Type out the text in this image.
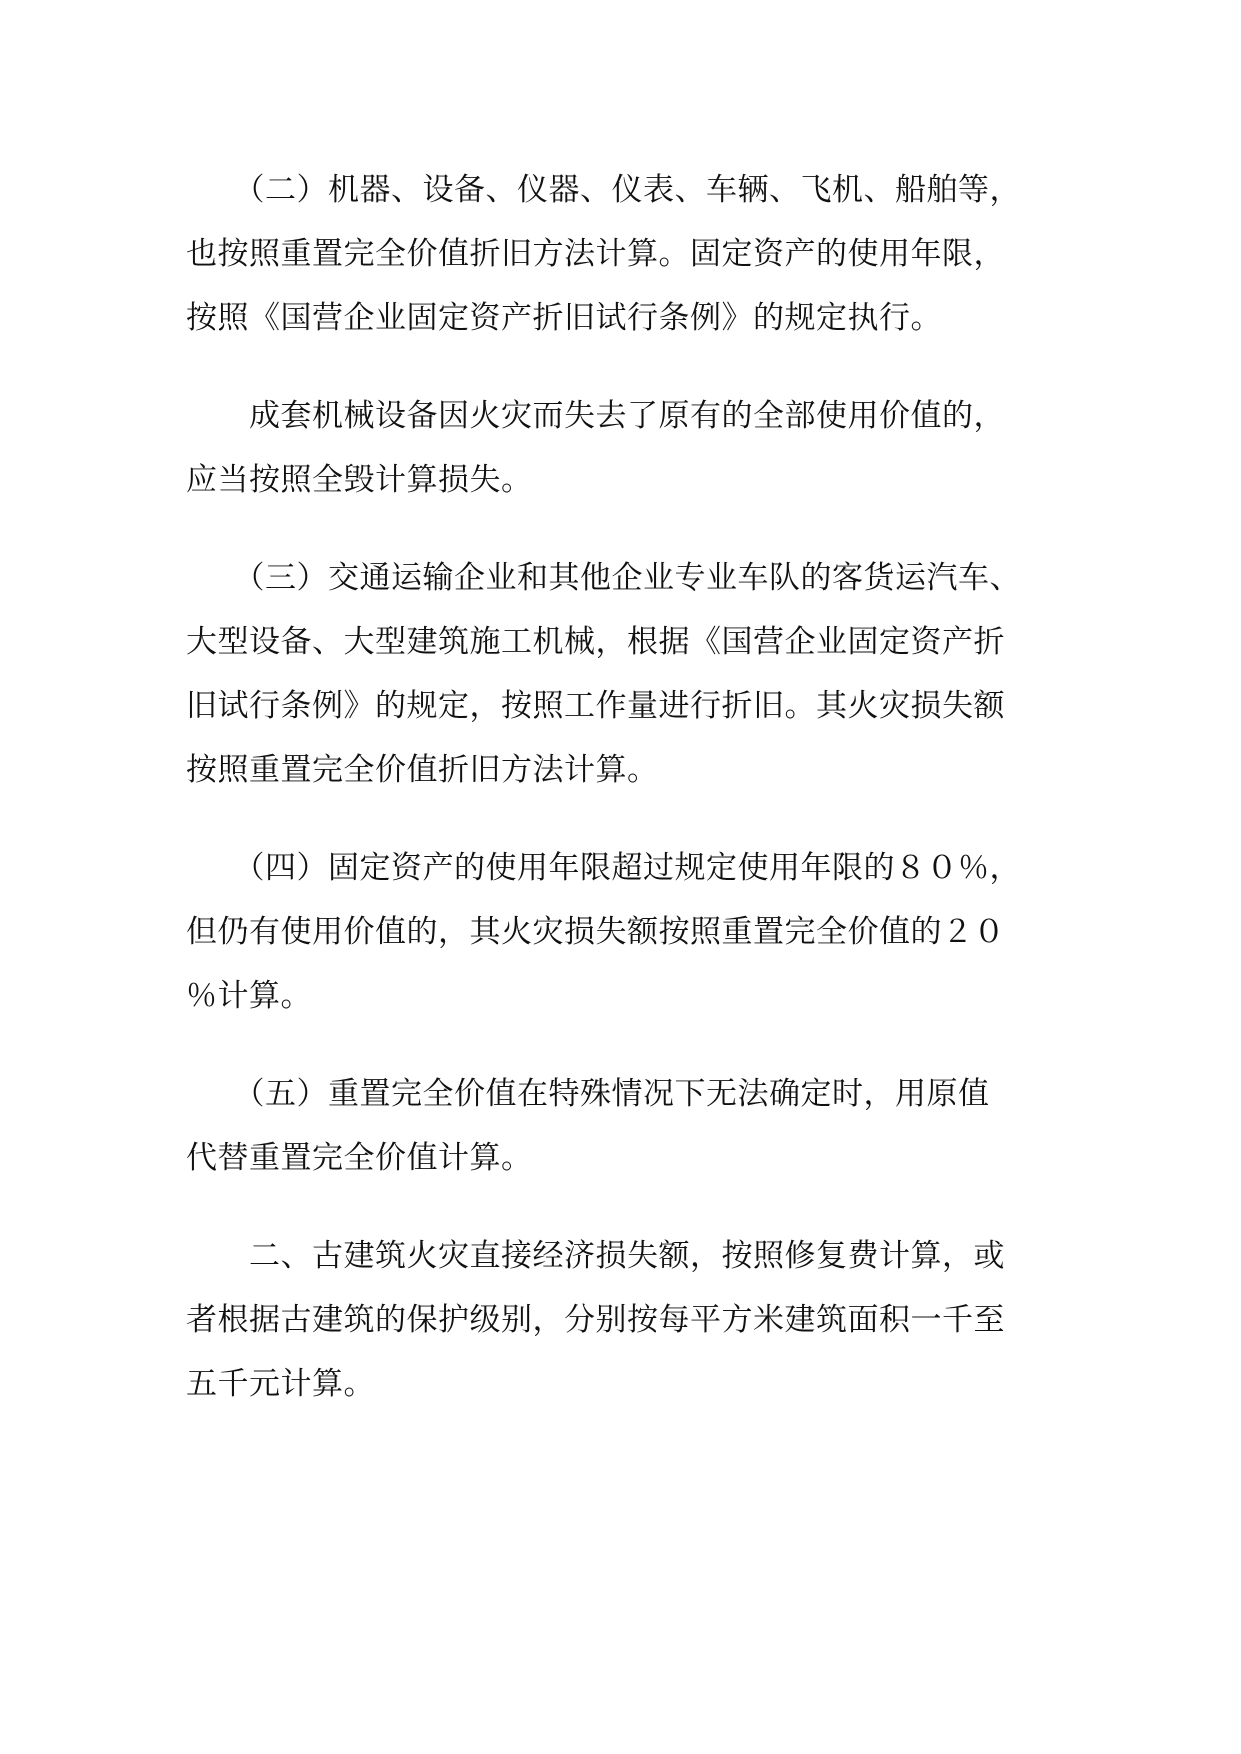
　　（二）机器、设备、仪器、仪表、车辆、飞机、船舶等，
也按照重置完全价值折旧方法计算。固定资产的使用年限，
按照《国营企业固定资产折旧试行条例》的规定执行。

　　成套机械设备因火灾而失去了原有的全部使用价值的，
应当按照全毁计算损失。

　　（三）交通运输企业和其他企业专业车队的客货运汽车、
大型设备、大型建筑施工机械，根据《国营企业固定资产折
旧试行条例》的规定，按照工作量进行折旧。其火灾损失额
按照重置完全价值折旧方法计算。

　　（四）固定资产的使用年限超过规定使用年限的８０％，
但仍有使用价值的，其火灾损失额按照重置完全价值的２０
％计算。

　　（五）重置完全价值在特殊情况下无法确定时，用原值
代替重置完全价值计算。

　　二、古建筑火灾直接经济损失额，按照修复费计算，或
者根据古建筑的保护级别，分别按每平方米建筑面积一千至
五千元计算。
